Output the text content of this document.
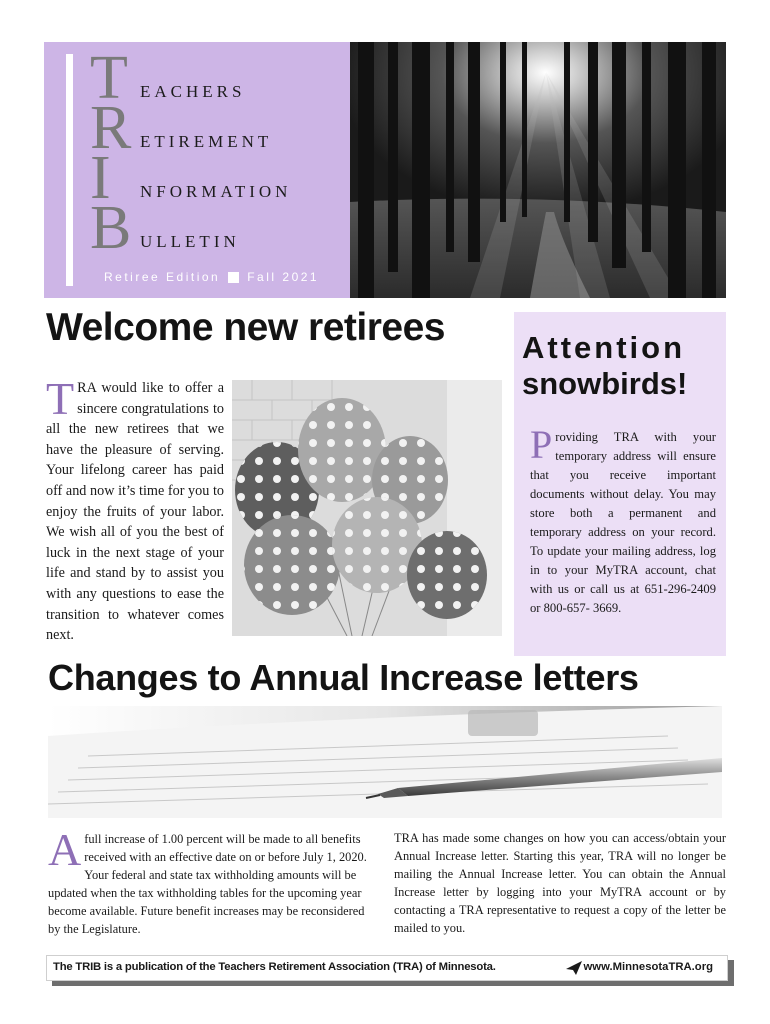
T EACHERS
R ETIREMENT
I NFORMATION
B ULLETIN
Retiree Edition Fall 2021
Welcome new retirees
T RA would like to offer a sincere congratulations to all the new retirees that we have the pleasure of serving. Your lifelong career has paid off and now it’s time for you to enjoy the fruits of your labor. We wish all of you the best of luck in the next stage of your life and stand by to assist you with any questions to ease the transition to whatever comes next.
Attention
snowbirds!
P roviding TRA with your temporary address will ensure that you receive important documents without delay. You may store both a permanent and temporary address on your record. To update your mailing address, log in to your MyTRA account, chat with us or call us at 651-296-2409 or 800-657- 3669.
Changes to Annual Increase letters
A full increase of 1.00 percent will be made to all benefits received with an effective date on or before July 1, 2020. Your federal and state tax withholding amounts will be updated when the tax withholding tables for the upcoming year become available. Future benefit increases may be reconsidered by the Legislature.
TRA has made some changes on how you can access/obtain your Annual Increase letter. Starting this year, TRA will no longer be mailing the Annual Increase letter. You can obtain the Annual Increase letter by logging into your MyTRA account or by contacting a TRA representative to request a copy of the letter be mailed to you.
The TRIB is a publication of the Teachers Retirement Association (TRA) of Minnesota.	www.MinnesotaTRA.org
